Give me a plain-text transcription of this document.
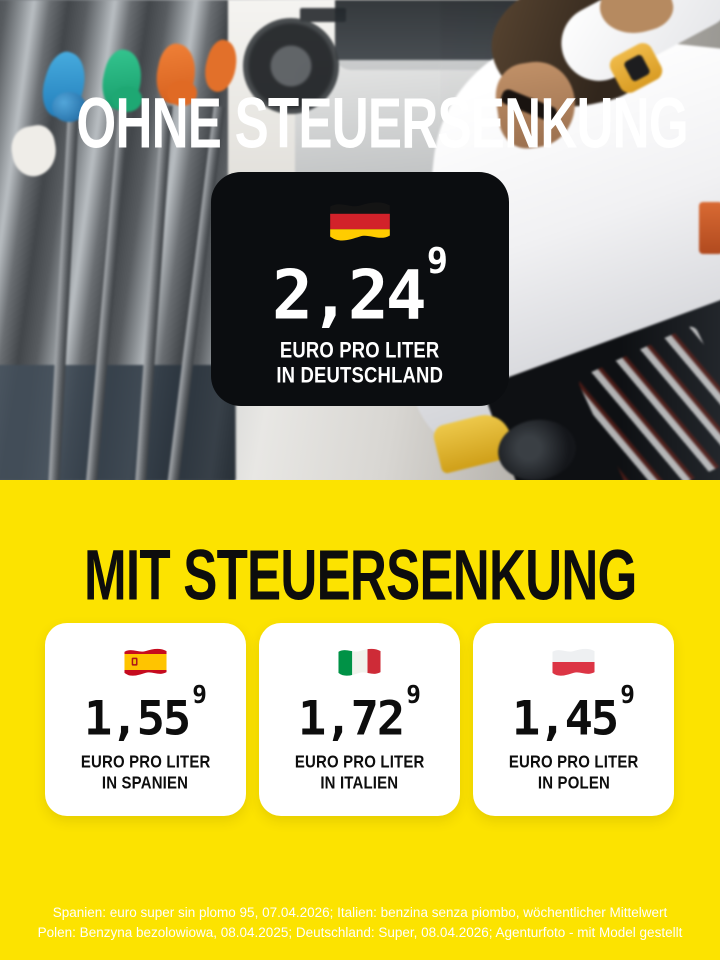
OHNE STEUERSENKUNG
2,24$^9$
EURO PRO LITER
IN DEUTSCHLAND
MIT STEUERSENKUNG
1,55 $^9$
EURO PRO LITER
IN SPANIEN
1,72 $^9$
EURO PRO LITER
IN ITALIEN
1,45 $^9$
EURO PRO LITER
IN POLEN
Spanien: euro super sin plomo 95, 07.04.2026; Italien: benzina senza piombo, wöchentlicher Mittelwert
Polen: Benzyna bezolowiowa, 08.04.2025; Deutschland: Super, 08.04.2026; Agenturfoto - mit Model gestellt
